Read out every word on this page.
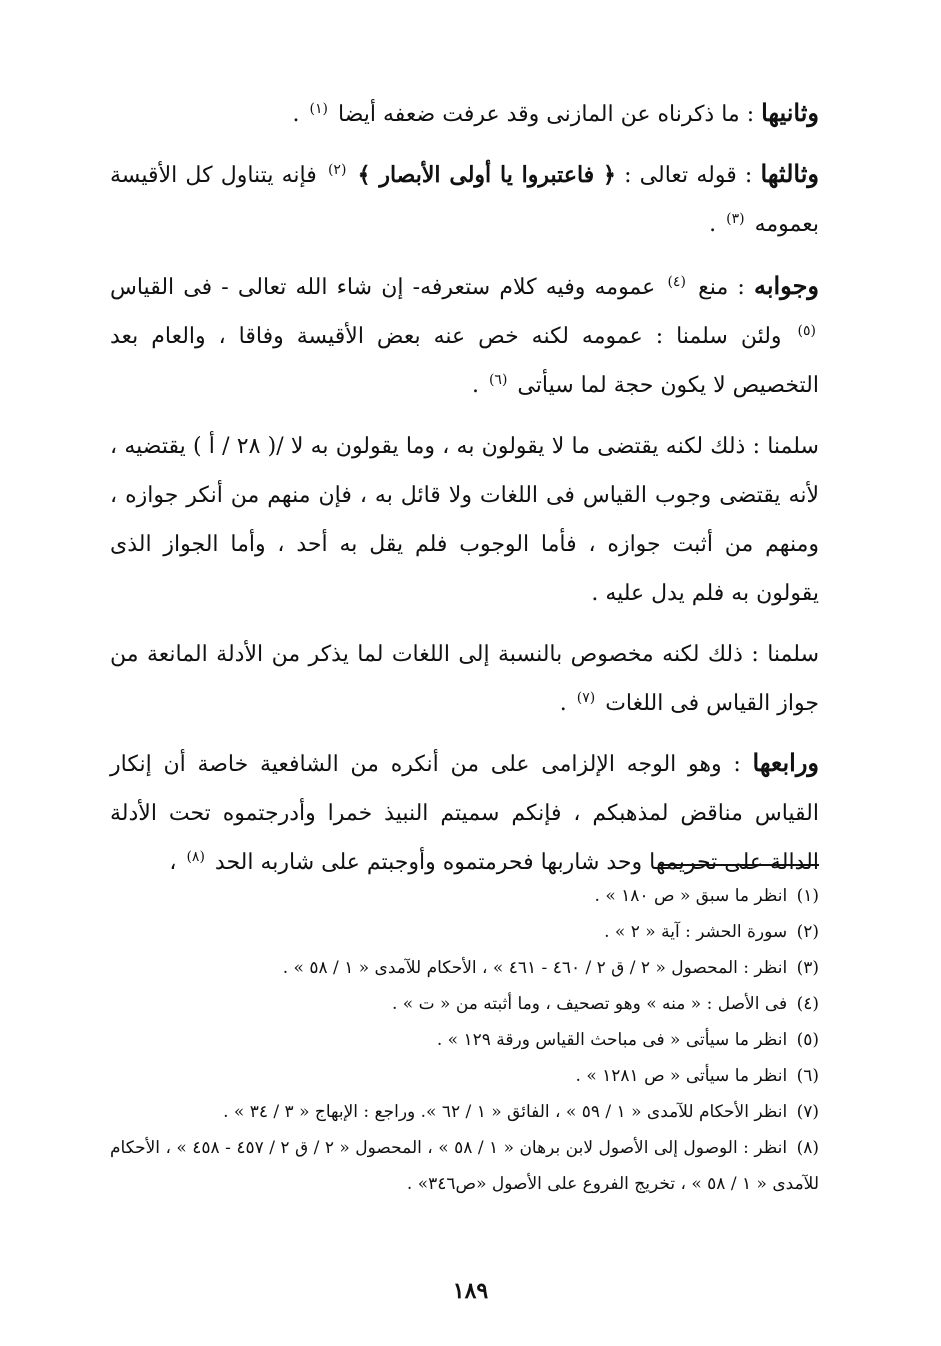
وثانيها : ما ذكرناه عن المازنى وقد عرفت ضعفه أيضا $^{(١)}$ .

وثالثها : قوله تعالى : ﴿ فاعتبروا يا أولى الأبصار ﴾ $^{(٢)}$ فإنه يتناول كل الأقيسة بعمومه $^{(٣)}$ .

وجوابه : منع $^{(٤)}$ عمومه وفيه كلام ستعرفه- إن شاء الله تعالى - فى القياس $^{(٥)}$ ولئن سلمنا : عمومه لكنه خص عنه بعض الأقيسة وفاقا ، والعام بعد التخصيص لا يكون حجة لما سيأتى $^{(٦)}$ .

سلمنا : ذلك لكنه يقتضى ما لا يقولون به ، وما يقولون به لا /( ٢٨ / أ ) يقتضيه ، لأنه يقتضى وجوب القياس فى اللغات ولا قائل به ، فإن منهم من أنكر جوازه ، ومنهم من أثبت جوازه ، فأما الوجوب فلم يقل به أحد ، وأما الجواز الذى يقولون به فلم يدل عليه .

سلمنا : ذلك لكنه مخصوص بالنسبة إلى اللغات لما يذكر من الأدلة المانعة من جواز القياس فى اللغات $^{(٧)}$ .

ورابعها : وهو الوجه الإلزامى على من أنكره من الشافعية خاصة أن إنكار القياس مناقض لمذهبكم ، فإنكم سميتم النبيذ خمرا وأدرجتموه تحت الأدلة الدالة على تحريمها وحد شاربها فحرمتموه وأوجبتم على شاربه الحد $^{(٨)}$ ،

(١) انظر ما سبق « ص ١٨٠ » .

(٢) سورة الحشر : آية « ٢ » .

(٣) انظر : المحصول « ٢ / ق ٢ / ٤٦٠ - ٤٦١ » ، الأحكام للآمدى « ١ / ٥٨ » .

(٤) فى الأصل : « منه » وهو تصحيف ، وما أثبته من « ت » .

(٥) انظر ما سيأتى « فى مباحث القياس ورقة ١٢٩ » .

(٦) انظر ما سيأتى « ص ١٢٨١ » .

(٧) انظر الأحكام للآمدى « ١ / ٥٩ » ، الفائق « ١ / ٦٢ ». وراجع : الإبهاج « ٣ / ٣٤ » .

(٨) انظر : الوصول إلى الأصول لابن برهان « ١ / ٥٨ » ، المحصول « ٢ / ق ٢ / ٤٥٧ - ٤٥٨ » ، الأحكام للآمدى « ١ / ٥٨ » ، تخريج الفروع على الأصول «ص٣٤٦» .

١٨٩
